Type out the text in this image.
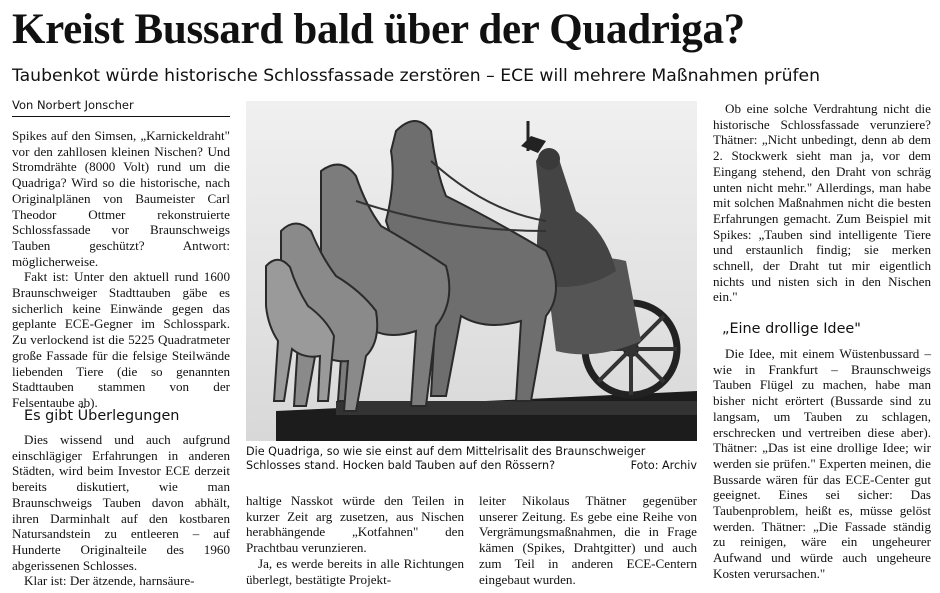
Kreist Bussard bald über der Quadriga?
Taubenkot würde historische Schlossfassade zerstören – ECE will mehrere Maßnahmen prüfen
Von Norbert Jonscher

Spikes auf den Simsen, „Karnickeldraht" vor den zahllosen kleinen Nischen? Und Stromdrähte (8000 Volt) rund um die Quadriga? Wird so die historische, nach Originalplänen von Baumeister Carl Theodor Ottmer rekonstruierte Schlossfassade vor Braunschweigs Tauben geschützt? Antwort: möglicherweise.

Fakt ist: Unter den aktuell rund 1600 Braunschweiger Stadttauben gäbe es sicherlich keine Einwände gegen das geplante ECE-Gegner im Schlosspark. Zu verlockend ist die 5225 Quadratmeter große Fassade für die felsige Steilwände liebenden Tiere (die so genannten Stadttauben stammen von der Felsentaube ab).

Es gibt Überlegungen

Dies wissend und auch aufgrund einschlägiger Erfahrungen in anderen Städten, wird beim Investor ECE derzeit bereits diskutiert, wie man Braunschweigs Tauben davon abhält, ihren Darminhalt auf den kostbaren Natursandstein zu entleeren – auf Hunderte Originalteile des 1960 abgerissenen Schlosses.

Klar ist: Der ätzende, harnsäure-

Die Quadriga, so wie sie einst auf dem Mittelrisalit des Braunschweiger Schlosses stand. Hocken bald Tauben auf den Rössern?	Foto: Archiv

haltige Nasskot würde den Teilen in kurzer Zeit arg zusetzen, aus Nischen herabhängende „Kotfahnen" den Prachtbau verunzieren.

Ja, es werde bereits in alle Richtungen überlegt, bestätigte Projekt-

leiter Nikolaus Thätner gegenüber unserer Zeitung. Es gebe eine Reihe von Vergrämungsmaßnahmen, die in Frage kämen (Spikes, Drahtgitter) und auch zum Teil in anderen ECE-Centern eingebaut wurden.

Ob eine solche Verdrahtung nicht die historische Schlossfassade verunziere? Thätner: „Nicht unbedingt, denn ab dem 2. Stockwerk sieht man ja, vor dem Eingang stehend, den Draht von schräg unten nicht mehr." Allerdings, man habe mit solchen Maßnahmen nicht die besten Erfahrungen gemacht. Zum Beispiel mit Spikes: „Tauben sind intelligente Tiere und erstaunlich findig; sie merken schnell, der Draht tut mir eigentlich nichts und nisten sich in den Nischen ein."

„Eine drollige Idee"

Die Idee, mit einem Wüstenbussard – wie in Frankfurt – Braunschweigs Tauben Flügel zu machen, habe man bisher nicht erörtert (Bussarde sind zu langsam, um Tauben zu schlagen, erschrecken und vertreiben diese aber). Thätner: „Das ist eine drollige Idee; wir werden sie prüfen." Experten meinen, die Bussarde wären für das ECE-Center gut geeignet. Eines sei sicher: Das Taubenproblem, heißt es, müsse gelöst werden. Thätner: „Die Fassade ständig zu reinigen, wäre ein ungeheurer Aufwand und würde auch ungeheure Kosten verursachen."
